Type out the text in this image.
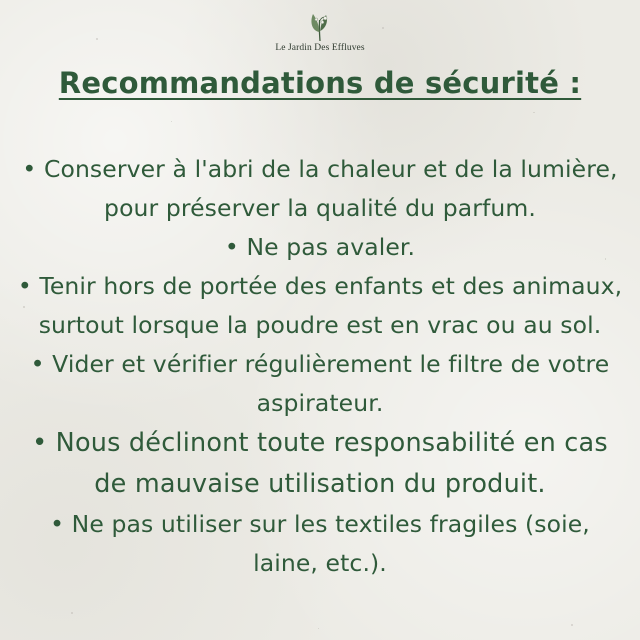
Le Jardin Des Effluves
Recommandations de sécurité :

• Conserver à l'abri de la chaleur et de la lumière, pour préserver la qualité du parfum.

• Ne pas avaler.

• Tenir hors de portée des enfants et des animaux, surtout lorsque la poudre est en vrac ou au sol.

• Vider et vérifier régulièrement le filtre de votre aspirateur.

• Nous déclinont toute responsabilité en cas de mauvaise utilisation du produit.

• Ne pas utiliser sur les textiles fragiles (soie, laine, etc.).
